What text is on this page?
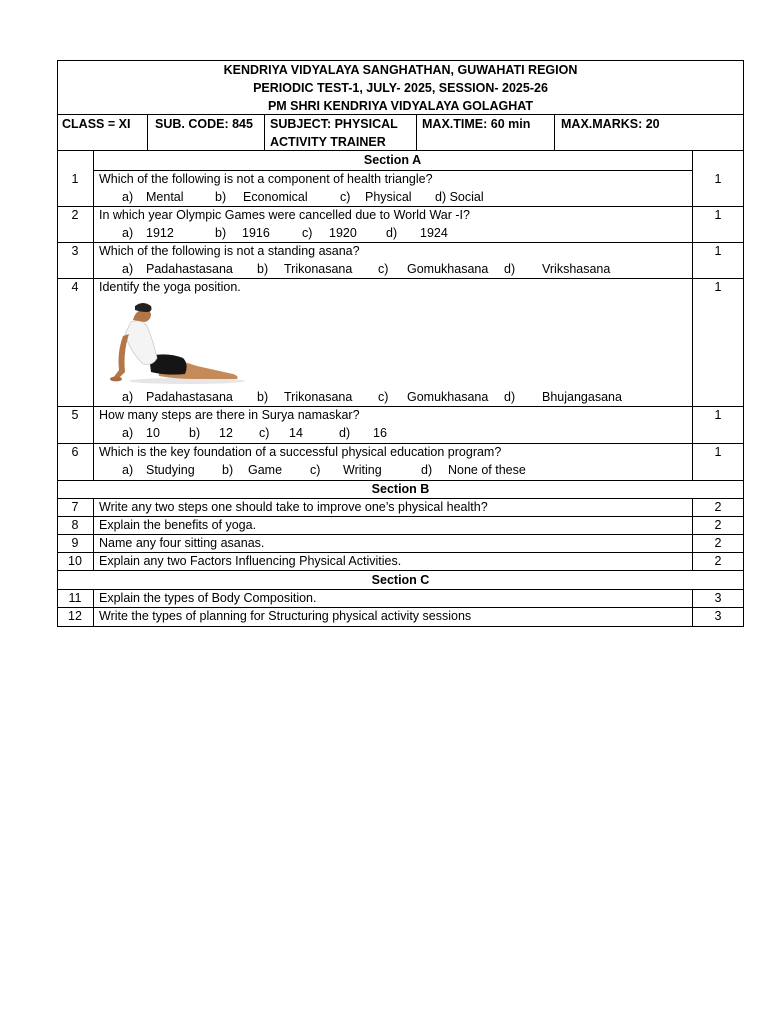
KENDRIYA VIDYALAYA SANGHATHAN, GUWAHATI REGION
PERIODIC TEST-1, JULY- 2025, SESSION- 2025-26
PM SHRI KENDRIYA VIDYALAYA GOLAGHAT
CLASS = XI SUB. CODE: 845 SUBJECT: PHYSICAL
ACTIVITY TRAINER
MAX.TIME: 60 min MAX.MARKS: 20
Section A
1	Which of the following is not a component of health triangle?	1
a) Mental	b) Economical	c) Physical d) Social
2	In which year Olympic Games were cancelled due to World War -I?	1
a) 1912	b) 1916	c) 1920 d) 1924
3	Which of the following is not a standing asana?	1
a) Padahastasana b) Trikonasana c) Gomukhasana d) Vrikshasana
4	Identify the yoga position.	1
a) Padahastasana b) Trikonasana c) Gomukhasana d) Bhujangasana
5	How many steps are there in Surya namaskar?	1
a) 10 b) 12 c) 14	d) 16
6	Which is the key foundation of a successful physical education program?	1
a) Studying b) Game c) Writing	d) None of these
Section B
7	Write any two steps one should take to improve one’s physical health?	2
8	Explain the benefits of yoga.	2
9	Name any four sitting asanas.	2
10	Explain any two Factors Influencing Physical Activities.	2
Section C
11	Explain the types of Body Composition.	3
12	Write the types of planning for Structuring physical activity sessions	3
